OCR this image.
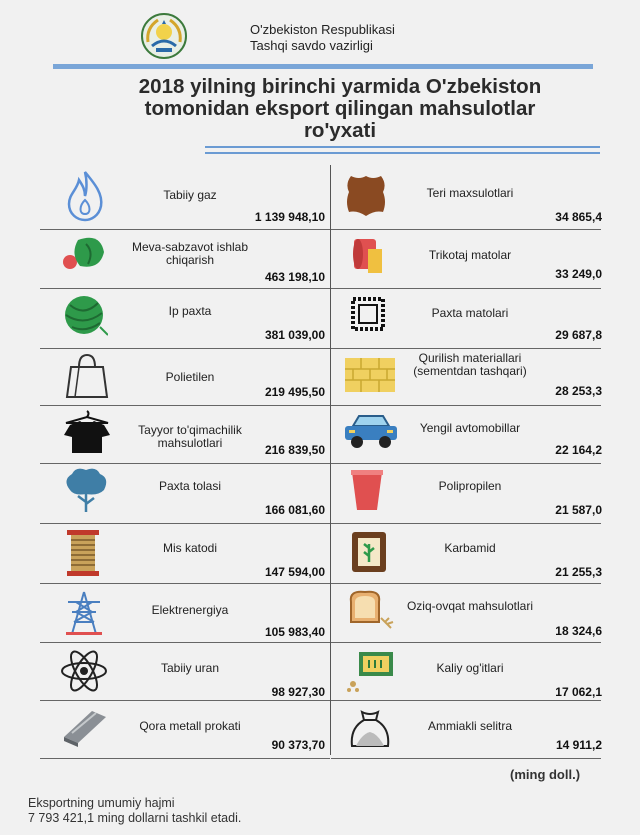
O'zbekiston Respublikasi
Tashqi savdo vazirligi
2018 yilning birinchi yarmida O'zbekiston
tomonidan eksport qilingan mahsulotlar
ro'yxati
Tabiiy gaz
1 139 948,10
Meva-sabzavot ishlab chiqarish
463 198,10
Ip paxta
381 039,00
Polietilen
219 495,50
Tayyor to'qimachilik mahsulotlari	216 839,50
Paxta tolasi
166 081,60
Mis katodi
147 594,00
Elektrenergiya
105 983,40
Tabiiy uran
98 927,30
Qora metall prokati
90 373,70
Teri maxsulotlari
34 865,4
Trikotaj matolar
33 249,0
Paxta matolari
29 687,8
Qurilish materiallari (sementdan tashqari)
28 253,3
Yengil avtomobillar
22 164,2
Polipropilen
21 587,0
Karbamid
21 255,3
Oziq-ovqat mahsulotlari
18 324,6
Kaliy og'itlari
17 062,1
Ammiakli selitra
14 911,2
(ming doll.)
Eksportning umumiy hajmi
7 793 421,1 ming dollarni tashkil etadi.
